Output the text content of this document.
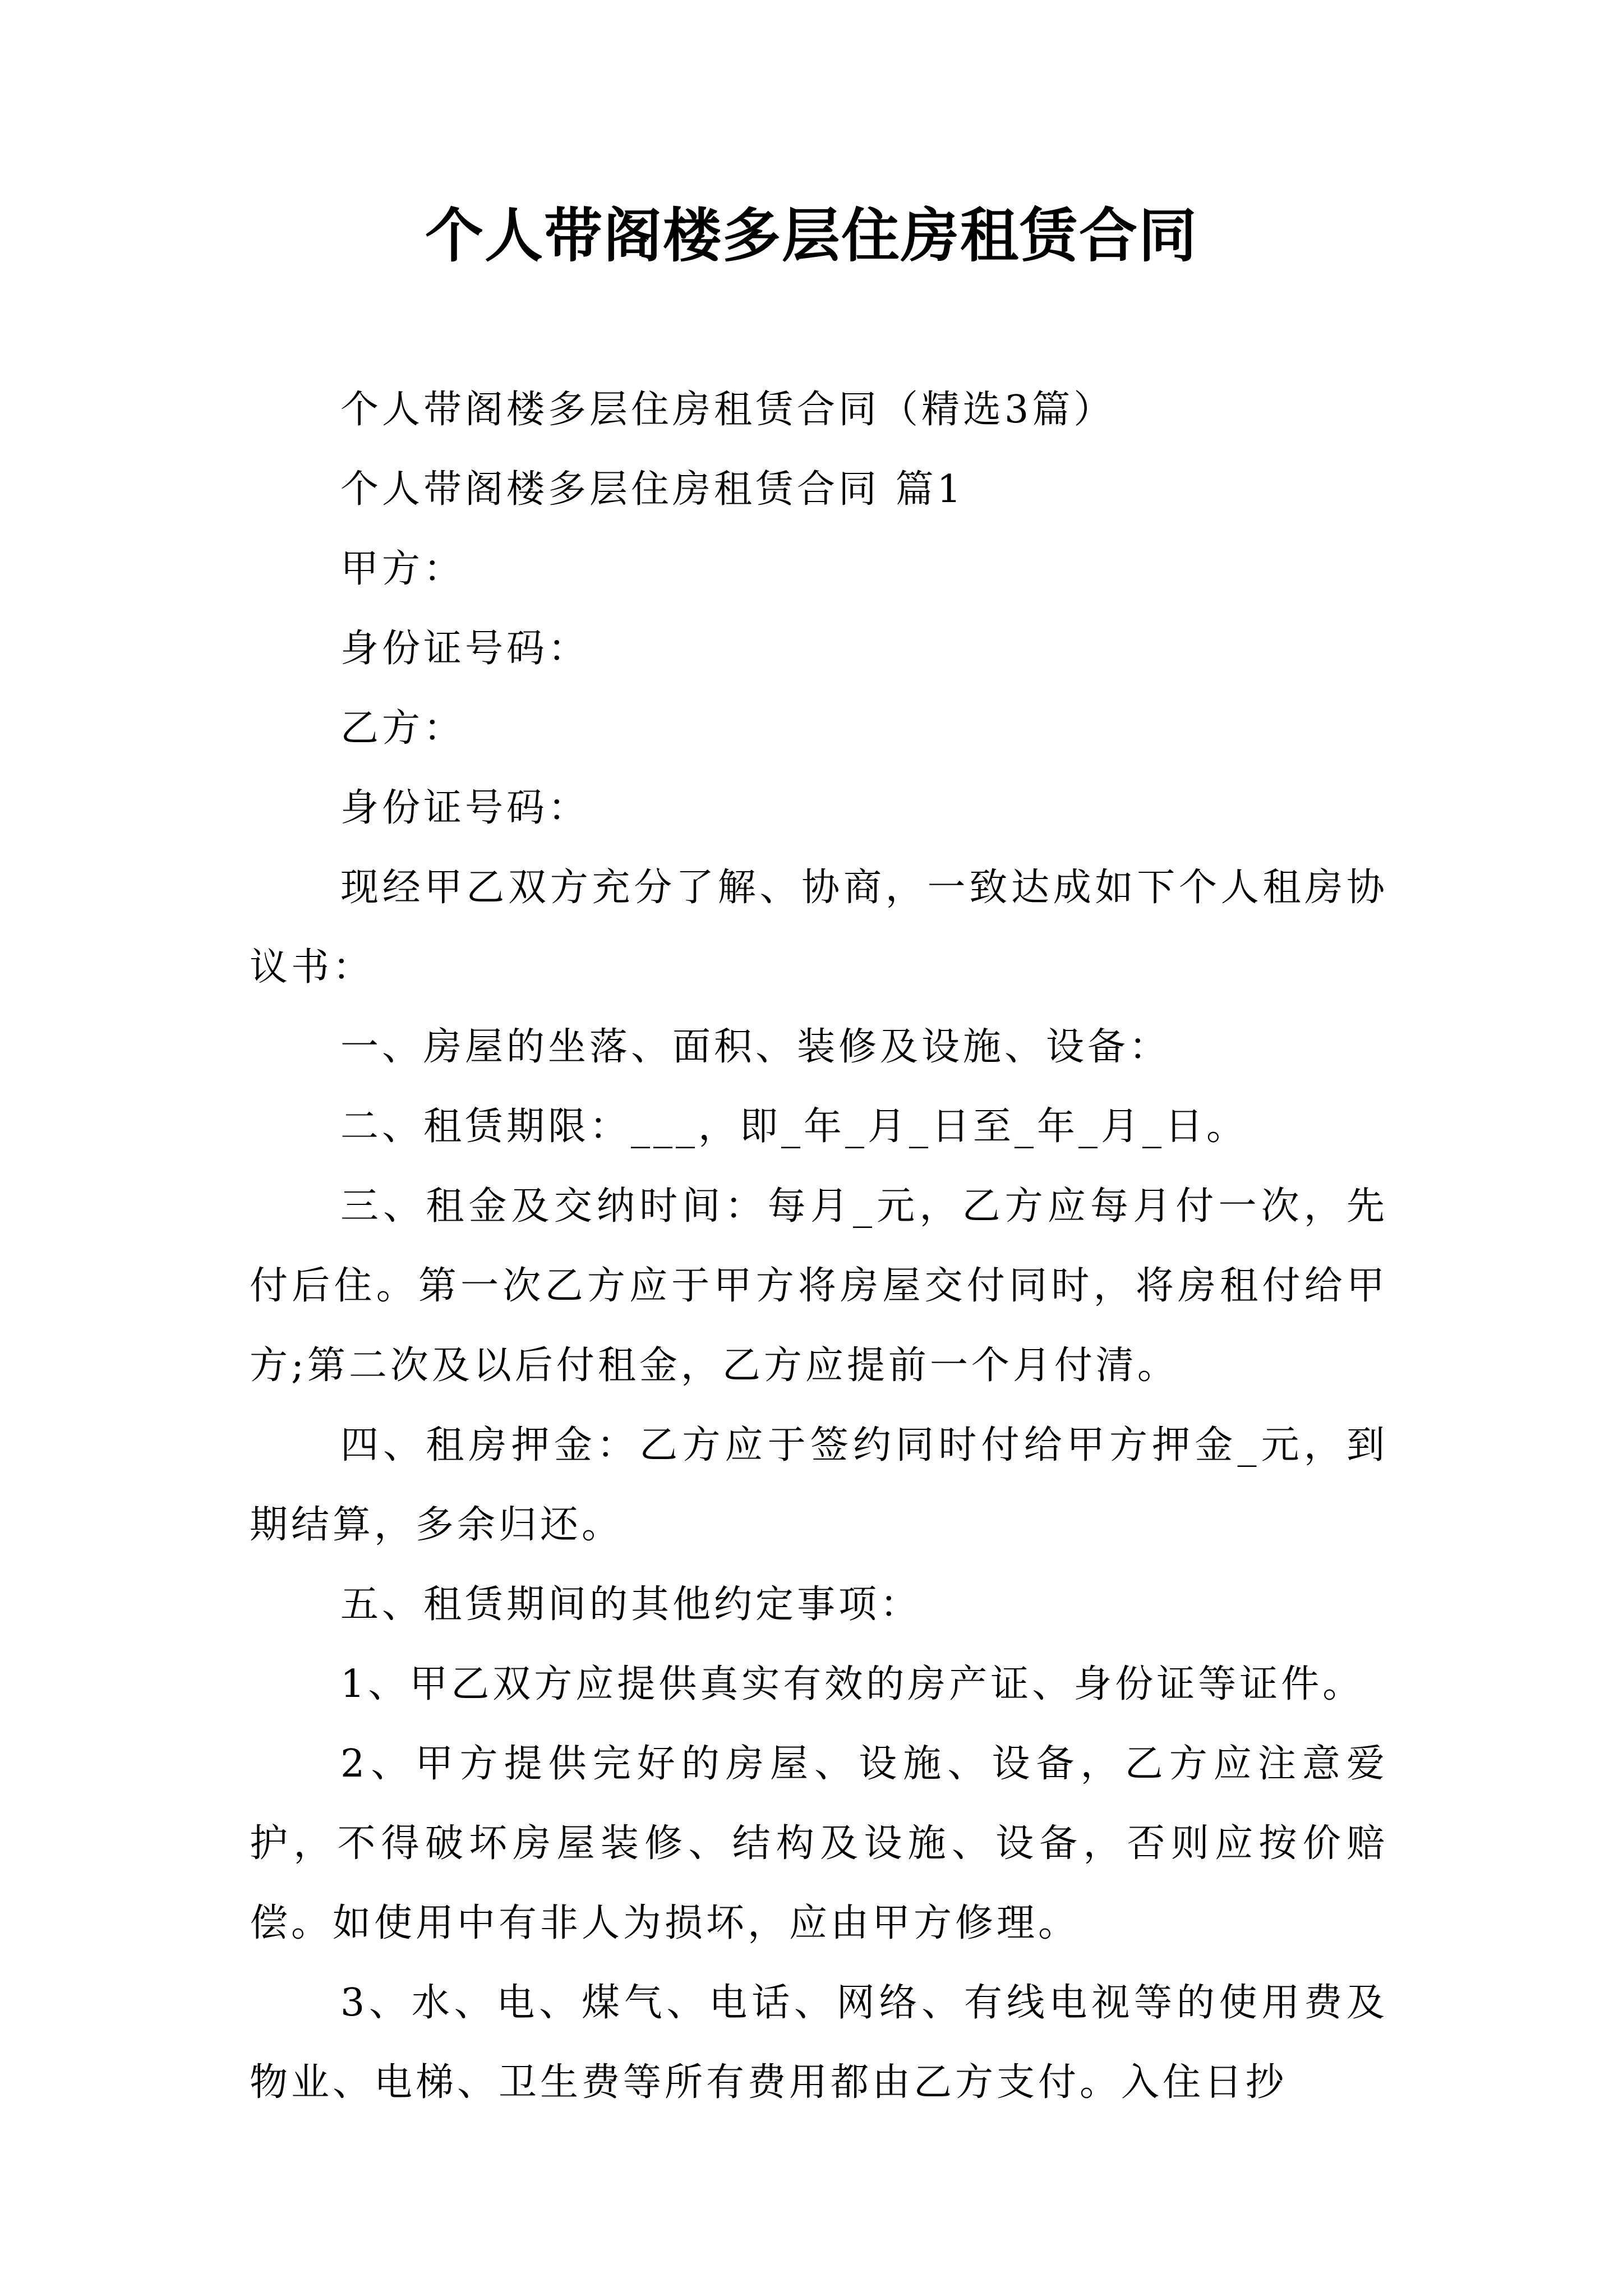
个人带阁楼多层住房租赁合同

个人带阁楼多层住房租赁合同（精选3篇）

个人带阁楼多层住房租赁合同 篇1

甲方：

身份证号码：

乙方：

身份证号码：

现经甲乙双方充分了解、协商，一致达成如下个人租房协议书：

一、房屋的坐落、面积、装修及设施、设备：

二、租赁期限：___，即_年_月_日至_年_月_日。

三、租金及交纳时间：每月_元，乙方应每月付一次，先付后住。第一次乙方应于甲方将房屋交付同时，将房租付给甲方;第二次及以后付租金，乙方应提前一个月付清。

四、租房押金：乙方应于签约同时付给甲方押金_元，到期结算，多余归还。

五、租赁期间的其他约定事项：

1、甲乙双方应提供真实有效的房产证、身份证等证件。

2、甲方提供完好的房屋、设施、设备，乙方应注意爱护，不得破坏房屋装修、结构及设施、设备，否则应按价赔偿。如使用中有非人为损坏，应由甲方修理。

3、水、电、煤气、电话、网络、有线电视等的使用费及物业、电梯、卫生费等所有费用都由乙方支付。入住日抄
